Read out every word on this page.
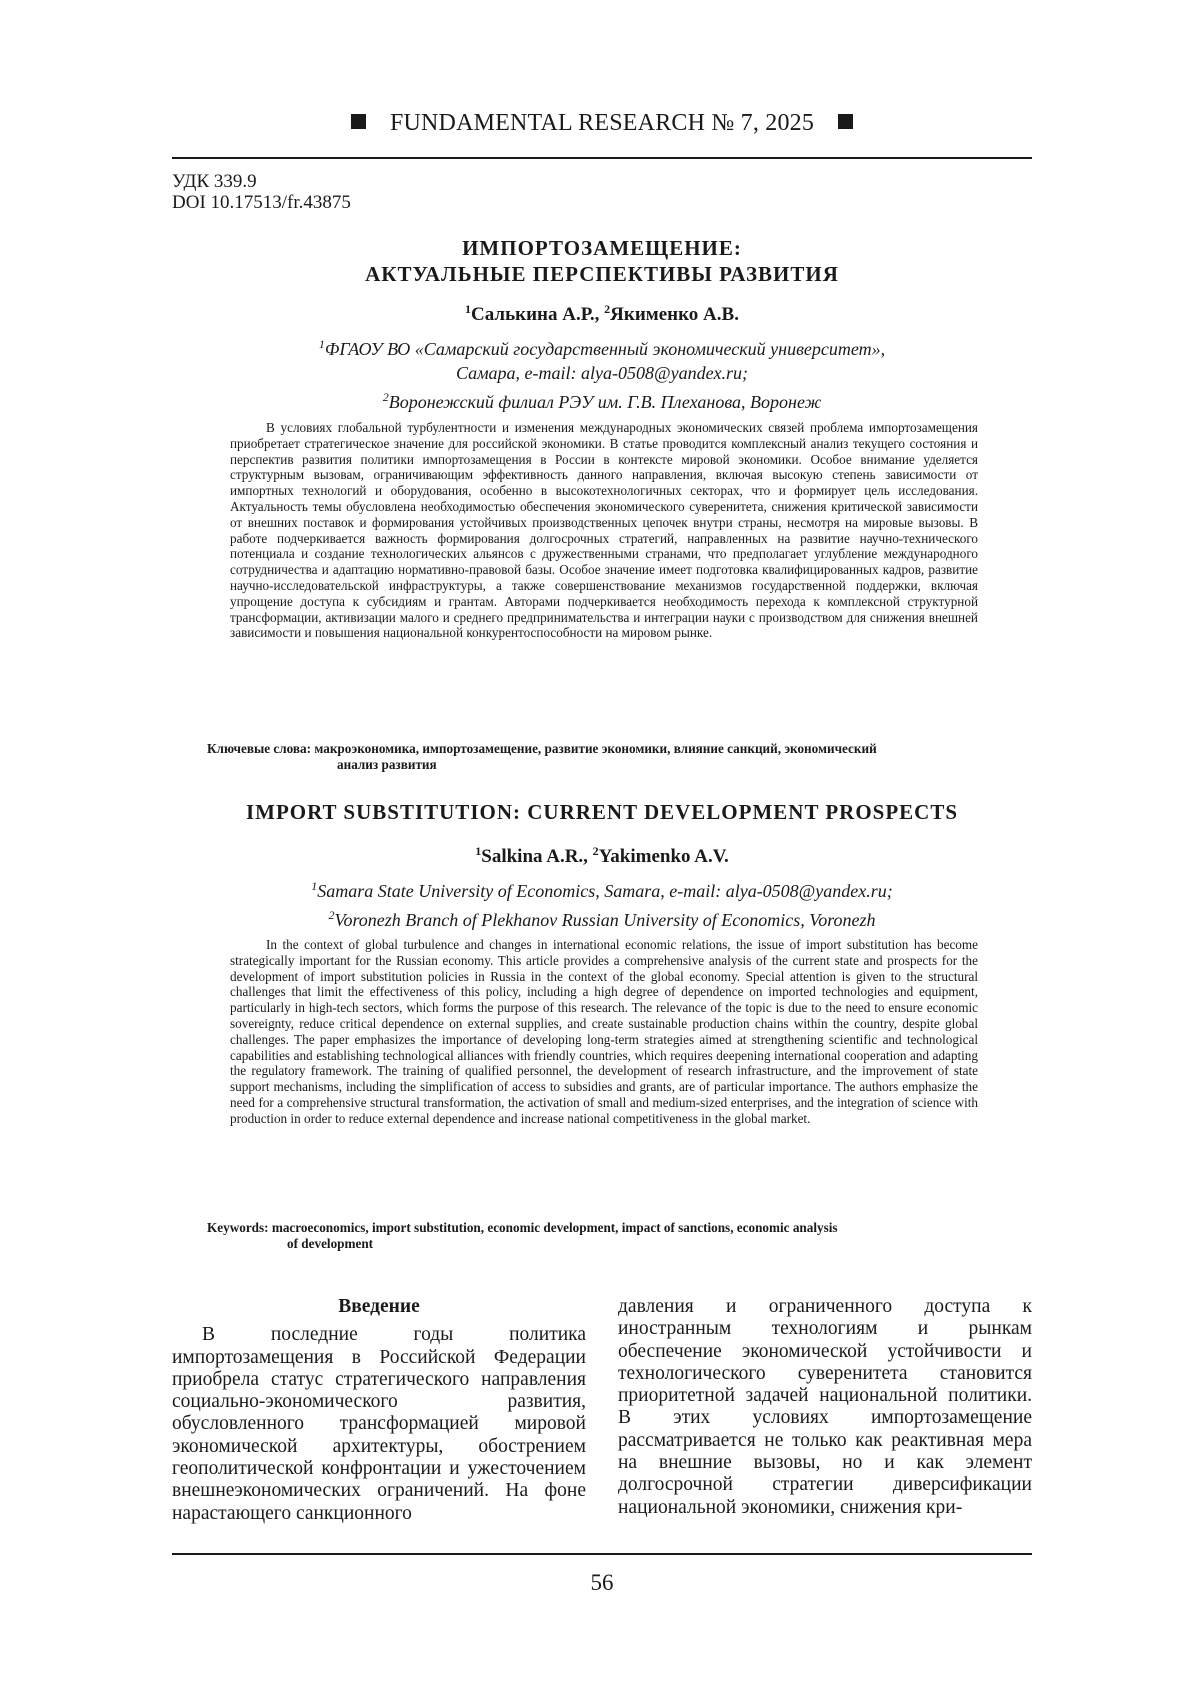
FUNDAMENTAL RESEARCH № 7, 2025
УДК 339.9
DOI 10.17513/fr.43875
ИМПОРТОЗАМЕЩЕНИЕ:
АКТУАЛЬНЫЕ ПЕРСПЕКТИВЫ РАЗВИТИЯ
$^1$Салькина А.Р., $^2$Якименко А.В.
$^1$ФГАОУ ВО «Самарский государственный экономический университет»,
Самара, e-mail: alya-0508@yandex.ru;
$^2$Воронежский филиал РЭУ им. Г.В. Плеханова, Воронеж

В условиях глобальной турбулентности и изменения международных экономических связей проблема импортозамещения приобретает стратегическое значение для российской экономики. В статье проводится комплексный анализ текущего состояния и перспектив развития политики импортозамещения в России в контексте мировой экономики. Особое внимание уделяется структурным вызовам, ограничивающим эффективность данного направления, включая высокую степень зависимости от импортных технологий и оборудования, особенно в высокотехнологичных секторах, что и формирует цель исследования. Актуальность темы обусловлена необходимостью обеспечения экономического суверенитета, снижения критической зависимости от внешних поставок и формирования устойчивых производственных цепочек внутри страны, несмотря на мировые вызовы. В работе подчеркивается важность формирования долгосрочных стратегий, направленных на развитие научно-технического потенциала и создание технологических альянсов с дружественными странами, что предполагает углубление международного сотрудничества и адаптацию нормативно-правовой базы. Особое значение имеет подготовка квалифицированных кадров, развитие научно-исследовательской инфраструктуры, а также совершенствование механизмов государственной поддержки, включая упрощение доступа к субсидиям и грантам. Авторами подчеркивается необходимость перехода к комплексной структурной трансформации, активизации малого и среднего предпринимательства и интеграции науки с производством для снижения внешней зависимости и повышения национальной конкурентоспособности на мировом рынке.

Ключевые слова: макроэкономика, импортозамещение, развитие экономики, влияние санкций, экономический
анализ развития
IMPORT SUBSTITUTION: CURRENT DEVELOPMENT PROSPECTS
$^1$Salkina A.R., $^2$Yakimenko A.V.
$^1$Samara State University of Economics, Samara, e-mail: alya-0508@yandex.ru;
$^2$Voronezh Branch of Plekhanov Russian University of Economics, Voronezh

In the context of global turbulence and changes in international economic relations, the issue of import substitution has become strategically important for the Russian economy. This article provides a comprehensive analysis of the current state and prospects for the development of import substitution policies in Russia in the context of the global economy. Special attention is given to the structural challenges that limit the effectiveness of this policy, including a high degree of dependence on imported technologies and equipment, particularly in high-tech sectors, which forms the purpose of this research. The relevance of the topic is due to the need to ensure economic sovereignty, reduce critical dependence on external supplies, and create sustainable production chains within the country, despite global challenges. The paper emphasizes the importance of developing long-term strategies aimed at strengthening scientific and technological capabilities and establishing technological alliances with friendly countries, which requires deepening international cooperation and adapting the regulatory framework. The training of qualified personnel, the development of research infrastructure, and the improvement of state support mechanisms, including the simplification of access to subsidies and grants, are of particular importance. The authors emphasize the need for a comprehensive structural transformation, the activation of small and medium-sized enterprises, and the integration of science with production in order to reduce external dependence and increase national competitiveness in the global market.

Keywords: macroeconomics, import substitution, economic development, impact of sanctions, economic analysis
of development
Введение

В последние годы политика импортозамещения в Российской Федерации приобрела статус стратегического направления социально-экономического развития, обусловленного трансформацией мировой экономической архитектуры, обострением геополитической конфронтации и ужесточением внешнеэкономических ограничений. На фоне нарастающего санкционного

давления и ограниченного доступа к иностранным технологиям и рынкам обеспечение экономической устойчивости и технологического суверенитета становится приоритетной задачей национальной политики. В этих условиях импортозамещение рассматривается не только как реактивная мера на внешние вызовы, но и как элемент долгосрочной стратегии диверсификации национальной экономики, снижения кри-

56
